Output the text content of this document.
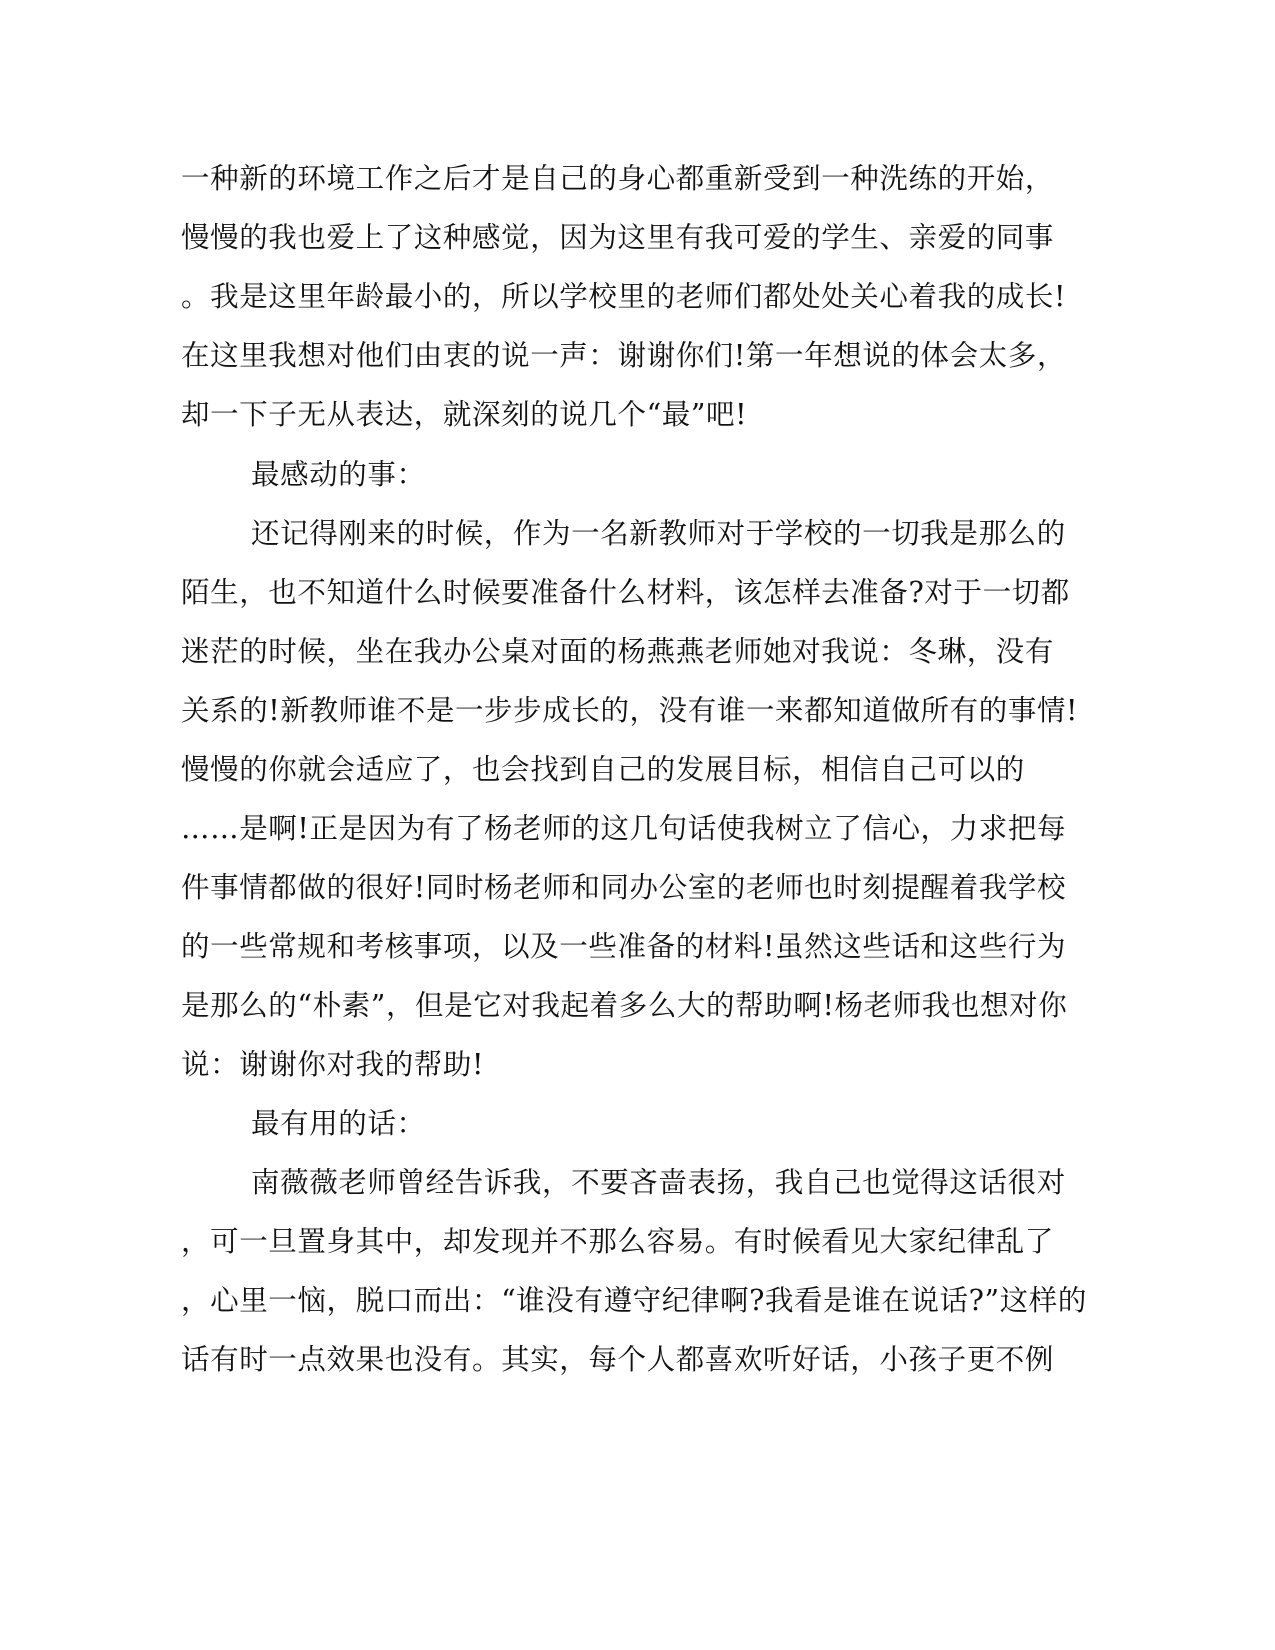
一种新的环境工作之后才是自己的身心都重新受到一种洗练的开始，
慢慢的我也爱上了这种感觉，因为这里有我可爱的学生、亲爱的同事
。我是这里年龄最小的，所以学校里的老师们都处处关心着我的成长!
在这里我想对他们由衷的说一声：谢谢你们!第一年想说的体会太多，
却一下子无从表达，就深刻的说几个“最”吧!
最感动的事：
还记得刚来的时候，作为一名新教师对于学校的一切我是那么的
陌生，也不知道什么时候要准备什么材料，该怎样去准备?对于一切都
迷茫的时候，坐在我办公桌对面的杨燕燕老师她对我说：冬琳，没有
关系的!新教师谁不是一步步成长的，没有谁一来都知道做所有的事情!
慢慢的你就会适应了，也会找到自己的发展目标，相信自己可以的
……是啊!正是因为有了杨老师的这几句话使我树立了信心，力求把每
件事情都做的很好!同时杨老师和同办公室的老师也时刻提醒着我学校
的一些常规和考核事项，以及一些准备的材料!虽然这些话和这些行为
是那么的“朴素”，但是它对我起着多么大的帮助啊!杨老师我也想对你
说：谢谢你对我的帮助!
最有用的话：
南薇薇老师曾经告诉我，不要吝啬表扬，我自己也觉得这话很对
，可一旦置身其中，却发现并不那么容易。有时候看见大家纪律乱了
，心里一恼，脱口而出：“谁没有遵守纪律啊?我看是谁在说话?”这样的
话有时一点效果也没有。其实，每个人都喜欢听好话，小孩子更不例
